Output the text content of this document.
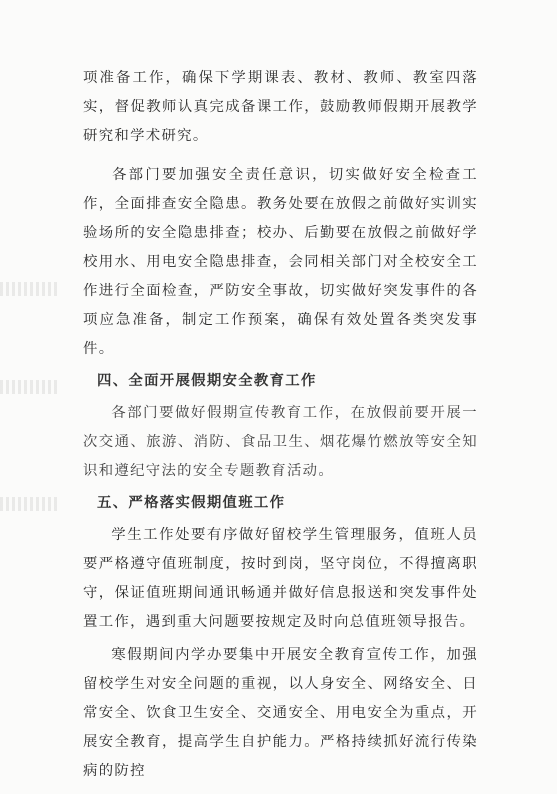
项准备工作，确保下学期课表、教材、教师、教室四落实，督促教师认真完成备课工作，鼓励教师假期开展教学研究和学术研究。

各部门要加强安全责任意识，切实做好安全检查工作，全面排查安全隐患。教务处要在放假之前做好实训实验场所的安全隐患排查；校办、后勤要在放假之前做好学校用水、用电安全隐患排查，会同相关部门对全校安全工作进行全面检查，严防安全事故，切实做好突发事件的各项应急准备，制定工作预案，确保有效处置各类突发事件。

四、全面开展假期安全教育工作

各部门要做好假期宣传教育工作，在放假前要开展一次交通、旅游、消防、食品卫生、烟花爆竹燃放等安全知识和遵纪守法的安全专题教育活动。

五、严格落实假期值班工作

学生工作处要有序做好留校学生管理服务，值班人员要严格遵守值班制度，按时到岗，坚守岗位，不得擅离职守，保证值班期间通讯畅通并做好信息报送和突发事件处置工作，遇到重大问题要按规定及时向总值班领导报告。

寒假期间内学办要集中开展安全教育宣传工作，加强留校学生对安全问题的重视，以人身安全、网络安全、日常安全、饮食卫生安全、交通安全、用电安全为重点，开展安全教育，提高学生自护能力。严格持续抓好流行传染病的防控
